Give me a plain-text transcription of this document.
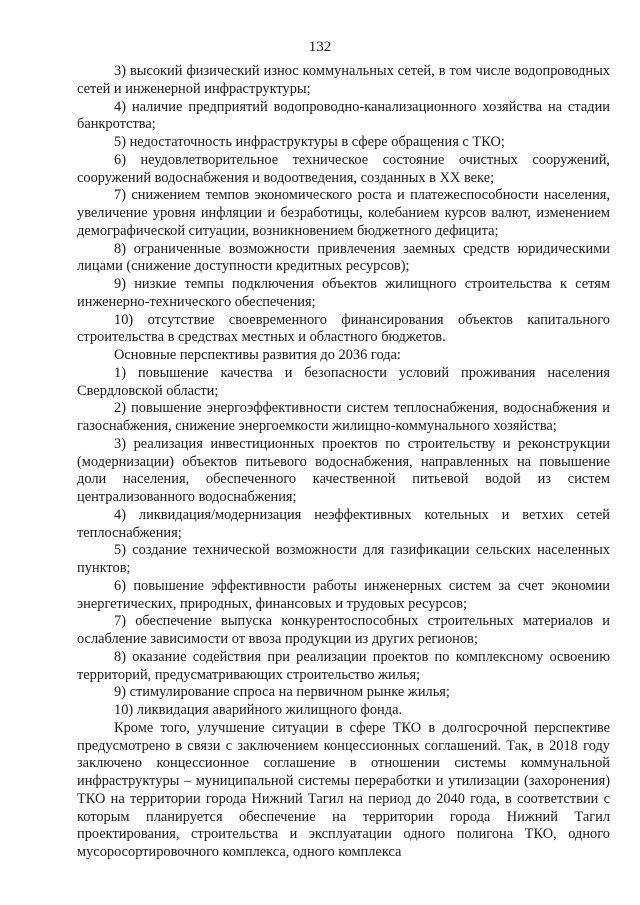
132

3) высокий физический износ коммунальных сетей, в том числе водопроводных сетей и инженерной инфраструктуры;

4) наличие предприятий водопроводно-канализационного хозяйства на стадии банкротства;

5) недостаточность инфраструктуры в сфере обращения с ТКО;

6) неудовлетворительное техническое состояние очистных сооружений, сооружений водоснабжения и водоотведения, созданных в ХХ веке;

7) снижением темпов экономического роста и платежеспособности населения, увеличение уровня инфляции и безработицы, колебанием курсов валют, изменением демографической ситуации, возникновением бюджетного дефицита;

8) ограниченные возможности привлечения заемных средств юридическими лицами (снижение доступности кредитных ресурсов);

9) низкие темпы подключения объектов жилищного строительства к сетям инженерно-технического обеспечения;

10) отсутствие своевременного финансирования объектов капитального строительства в средствах местных и областного бюджетов.

Основные перспективы развития до 2036 года:

1) повышение качества и безопасности условий проживания населения Свердловской области;

2) повышение энергоэффективности систем теплоснабжения, водоснабжения и газоснабжения, снижение энергоемкости жилищно-коммунального хозяйства;

3) реализация инвестиционных проектов по строительству и реконструкции (модернизации) объектов питьевого водоснабжения, направленных на повышение доли населения, обеспеченного качественной питьевой водой из систем централизованного водоснабжения;

4) ликвидация/модернизация неэффективных котельных и ветхих сетей теплоснабжения;

5) создание технической возможности для газификации сельских населенных пунктов;

6) повышение эффективности работы инженерных систем за счет экономии энергетических, природных, финансовых и трудовых ресурсов;

7) обеспечение выпуска конкурентоспособных строительных материалов и ослабление зависимости от ввоза продукции из других регионов;

8) оказание содействия при реализации проектов по комплексному освоению территорий, предусматривающих строительство жилья;

9) стимулирование спроса на первичном рынке жилья;

10) ликвидация аварийного жилищного фонда.

Кроме того, улучшение ситуации в сфере ТКО в долгосрочной перспективе предусмотрено в связи с заключением концессионных соглашений. Так, в 2018 году заключено концессионное соглашение в отношении системы коммунальной инфраструктуры – муниципальной системы переработки и утилизации (захоронения) ТКО на территории города Нижний Тагил на период до 2040 года, в соответствии с которым планируется обеспечение на территории города Нижний Тагил проектирования, строительства и эксплуатации одного полигона ТКО, одного мусоросортировочного комплекса, одного комплекса
